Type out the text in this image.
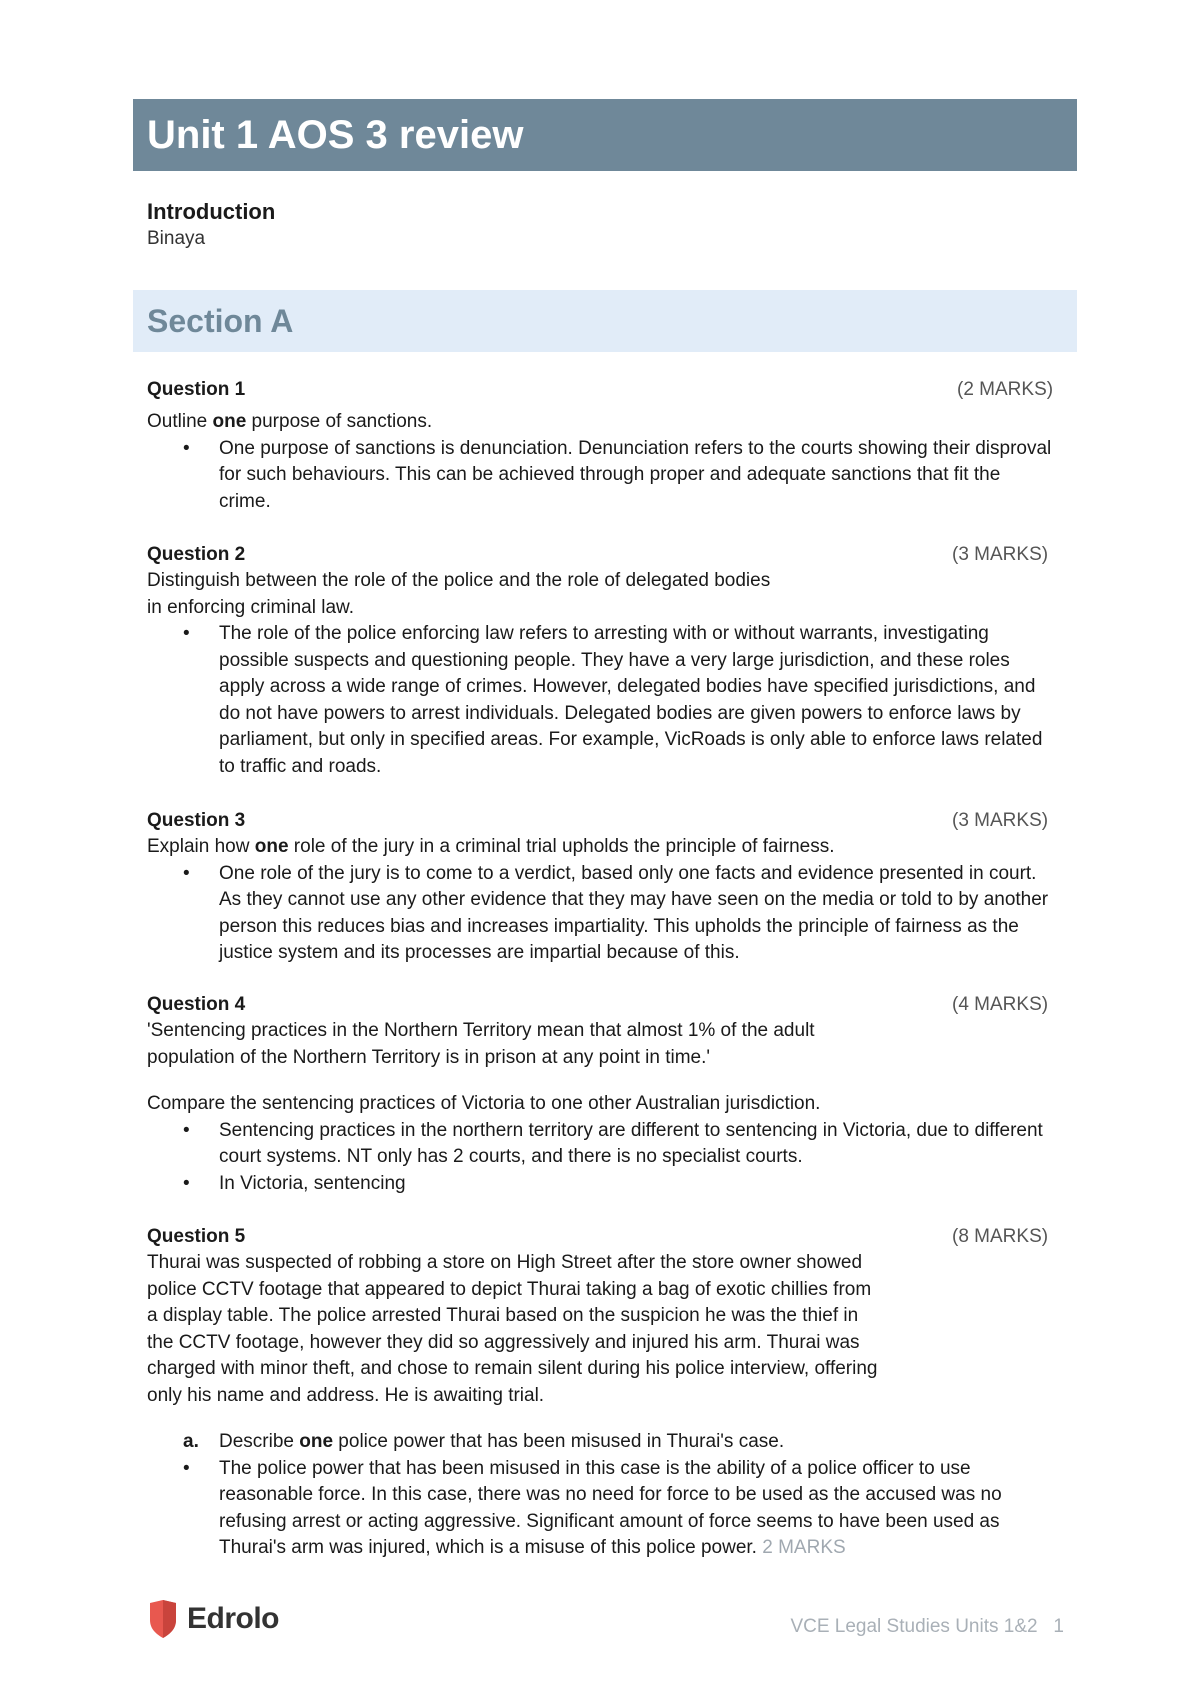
Unit 1 AOS 3 review
Introduction
Binaya
Section A
Question 1	(2 MARKS)

Outline one purpose of sanctions.

• One purpose of sanctions is denunciation. Denunciation refers to the courts showing their disproval for such behaviours. This can be achieved through proper and adequate sanctions that fit the crime.
Question 2	(3 MARKS)

Distinguish between the role of the police and the role of delegated bodies

in enforcing criminal law.

• The role of the police enforcing law refers to arresting with or without warrants, investigating possible suspects and questioning people. They have a very large jurisdiction, and these roles apply across a wide range of crimes. However, delegated bodies have specified jurisdictions, and do not have powers to arrest individuals. Delegated bodies are given powers to enforce laws by parliament, but only in specified areas. For example, VicRoads is only able to enforce laws related to traffic and roads.
Question 3	(3 MARKS)

Explain how one role of the jury in a criminal trial upholds the principle of fairness.

• One role of the jury is to come to a verdict, based only one facts and evidence presented in court. As they cannot use any other evidence that they may have seen on the media or told to by another person this reduces bias and increases impartiality. This upholds the principle of fairness as the justice system and its processes are impartial because of this.
Question 4	(4 MARKS)

'Sentencing practices in the Northern Territory mean that almost 1% of the adult

population of the Northern Territory is in prison at any point in time.'

Compare the sentencing practices of Victoria to one other Australian jurisdiction.

• Sentencing practices in the northern territory are different to sentencing in Victoria, due to different court systems. NT only has 2 courts, and there is no specialist courts.
• In Victoria, sentencing
Question 5	(8 MARKS)

Thurai was suspected of robbing a store on High Street after the store owner showed

police CCTV footage that appeared to depict Thurai taking a bag of exotic chillies from

a display table. The police arrested Thurai based on the suspicion he was the thief in

the CCTV footage, however they did so aggressively and injured his arm. Thurai was

charged with minor theft, and chose to remain silent during his police interview, offering

only his name and address. He is awaiting trial.

a. Describe one police power that has been misused in Thurai's case.
• The police power that has been misused in this case is the ability of a police officer to use reasonable force. In this case, there was no need for force to be used as the accused was no refusing arrest or acting aggressive. Significant amount of force seems to have been used as Thurai's arm was injured, which is a misuse of this police power. 2 MARKS
Edrolo	VCE Legal Studies Units 1&2 1
